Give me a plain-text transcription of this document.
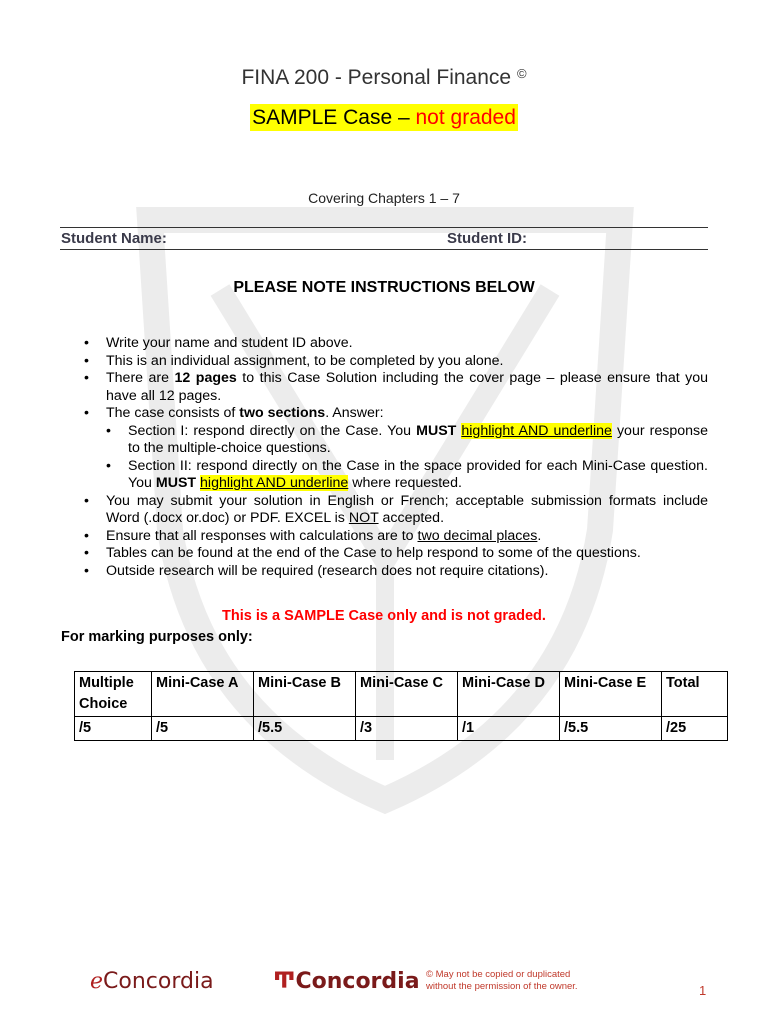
FINA 200 - Personal Finance ©
SAMPLE Case – not graded
Covering Chapters 1 – 7
Student Name:	Student ID:
PLEASE NOTE INSTRUCTIONS BELOW
• Write your name and student ID above.
• This is an individual assignment, to be completed by you alone.
• There are 12 pages to this Case Solution including the cover page – please ensure that you have all 12 pages.
• The case consists of two sections. Answer:
• Section I: respond directly on the Case. You MUST highlight AND underline your response to the multiple-choice questions.
• Section II: respond directly on the Case in the space provided for each Mini-Case question. You MUST highlight AND underline where requested.
• You may submit your solution in English or French; acceptable submission formats include Word (.docx or.doc) or PDF. EXCEL is NOT accepted.
• Ensure that all responses with calculations are to two decimal places.
• Tables can be found at the end of the Case to help respond to some of the questions.
• Outside research will be required (research does not require citations).
This is a SAMPLE Case only and is not graded.
For marking purposes only:
Multiple Choice	Mini-Case A	Mini-Case B	Mini-Case C	Mini-Case D	Mini-Case E	Total
/5	/5	/5.5	/3	/1	/5.5	/25
ℯConcordia	ͲConcordia © May not be copied or duplicated
without the permission of the owner.	1
